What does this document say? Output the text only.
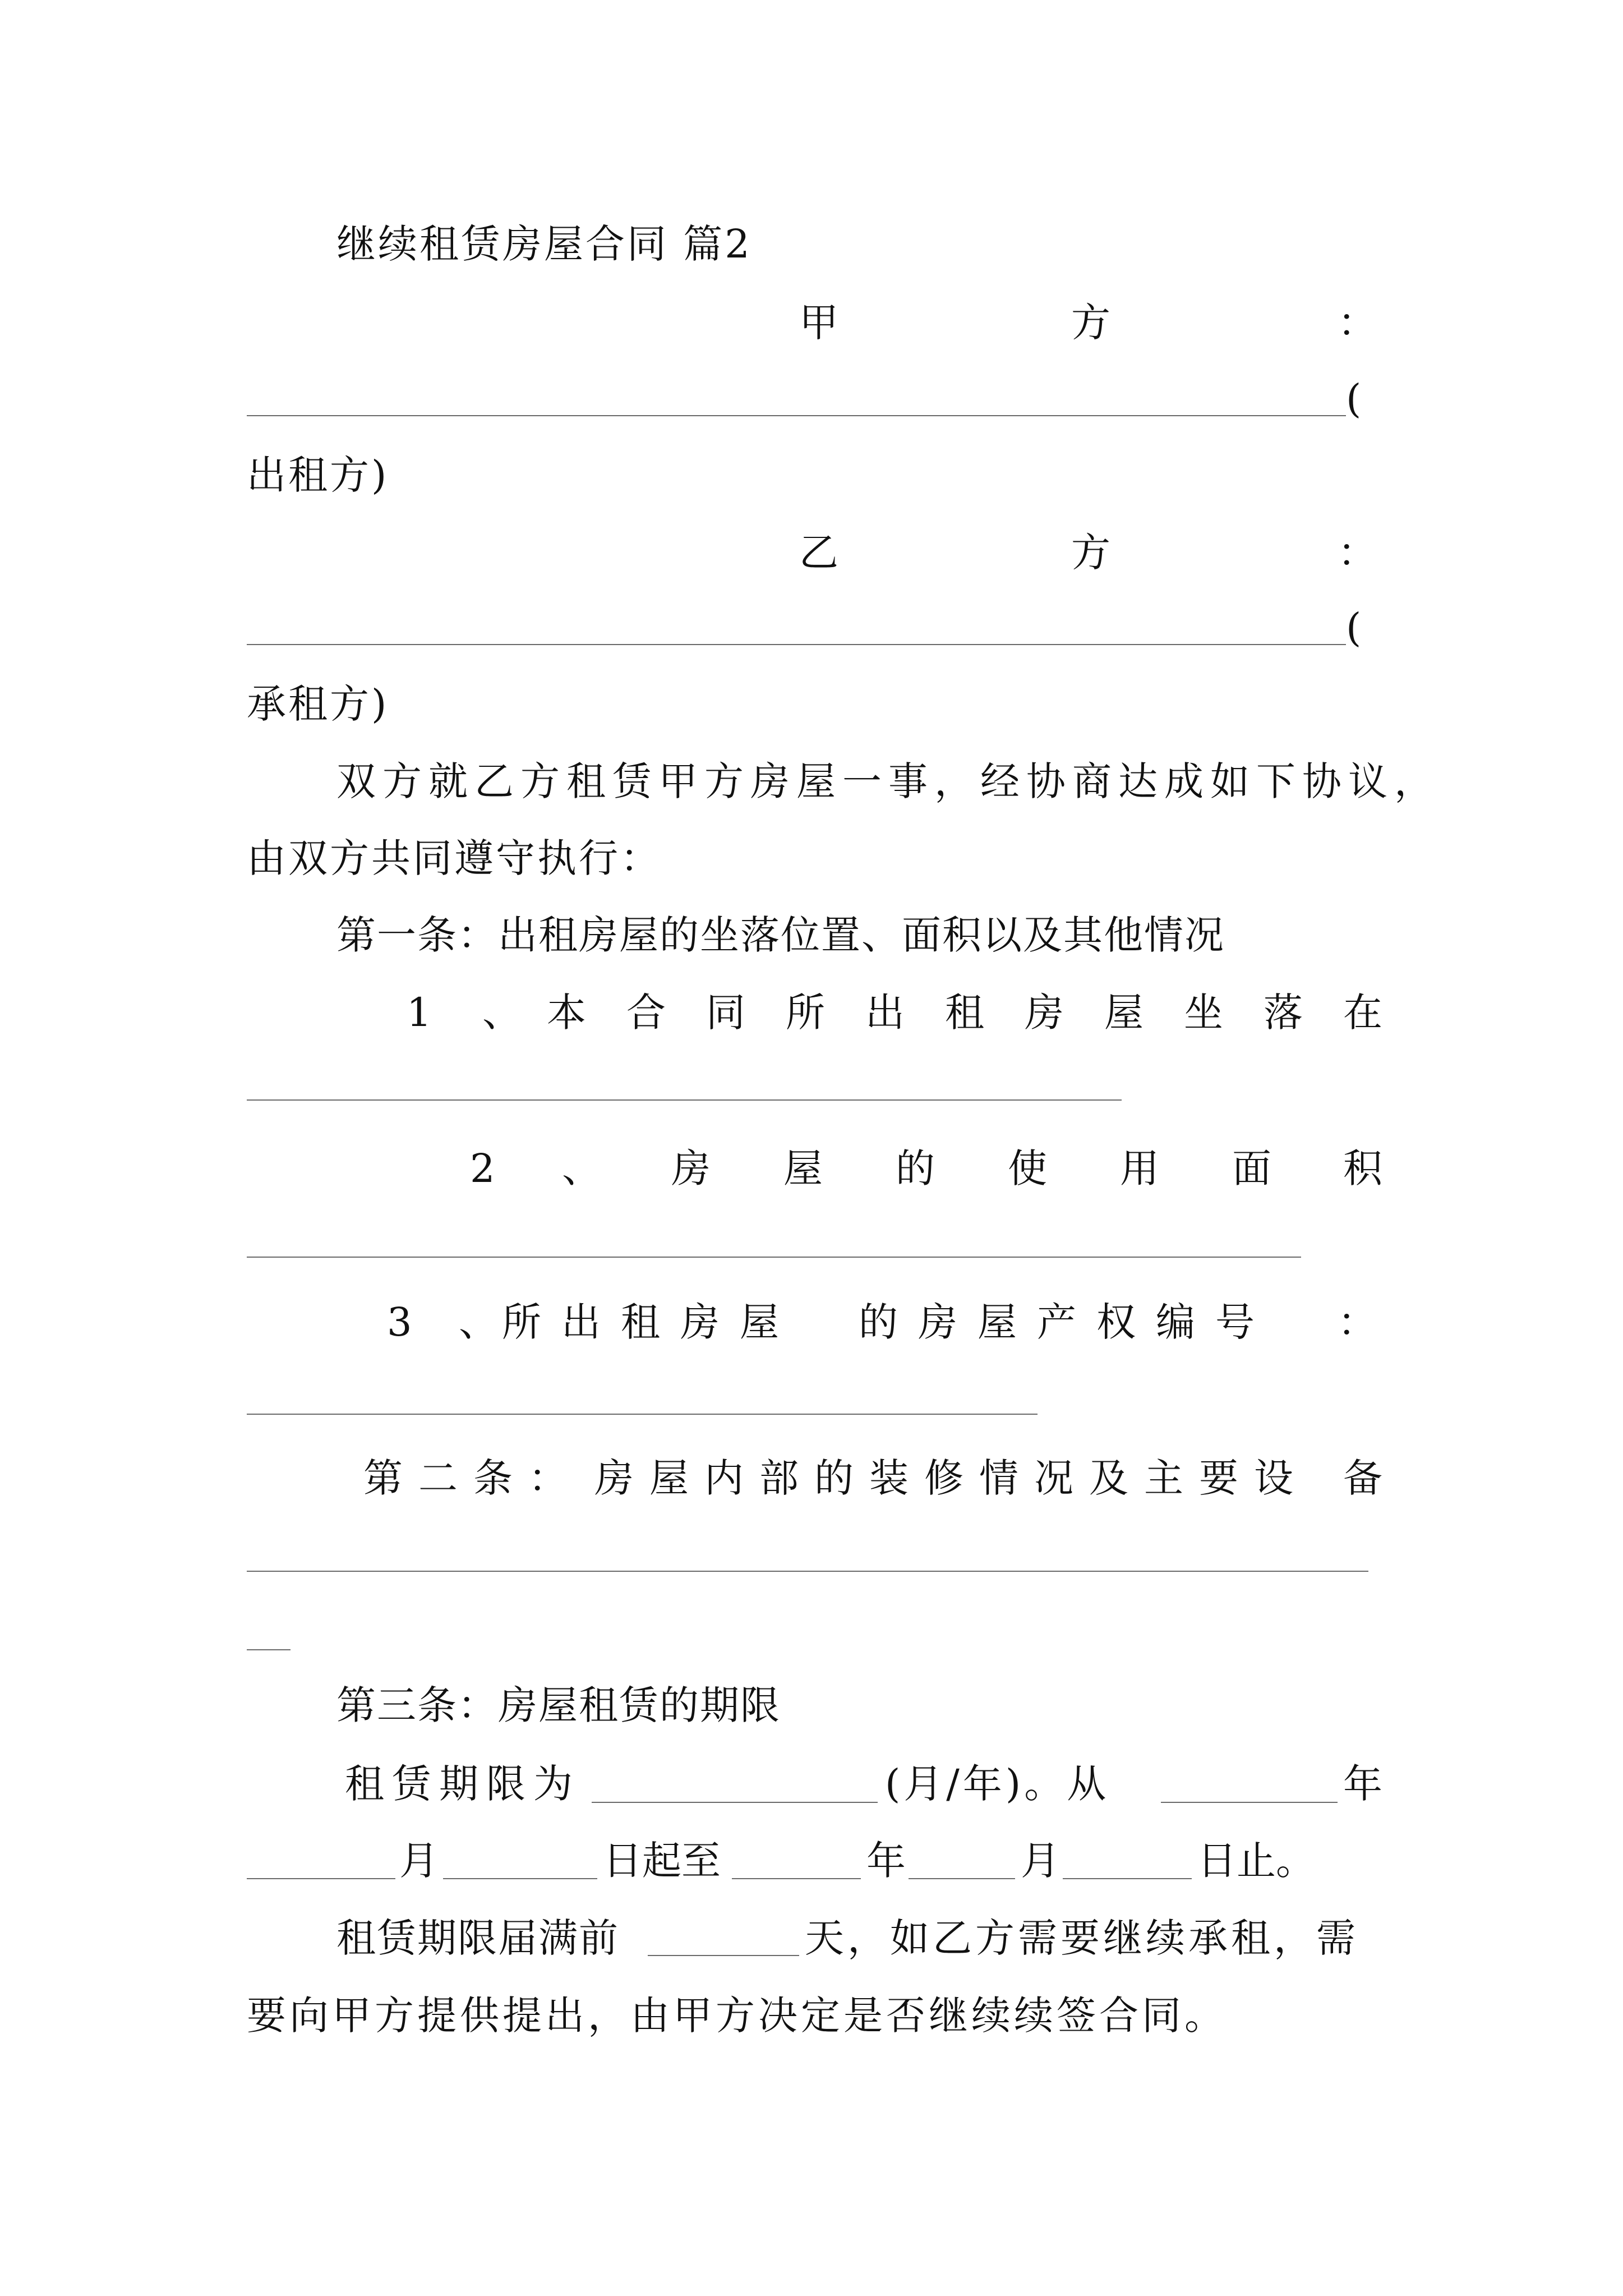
继续租赁房屋合同 篇2
甲	方	：
(
出租方)
乙	方	：
(
承租方)
双方就乙方租赁甲方房屋一事，经协商达成如下协议，
由双方共同遵守执行：
第一条：出租房屋的坐落位置、面积以及其他情况
1 、 本 合 同 所 出 租 房 屋 坐 落 在
2 、 房 屋 的 使 用 面 积
3 、 所 出 租 房 屋 的 房 屋 产 权 编 号 ：
第 二 条 ： 房 屋 内 部 的 装 修 情 况 及 主 要 设 备
第三条：房屋租赁的期限
租赁期限为	(月/年)。从	年
月	日起至	年	月	日止。
租赁期限届满前	天，如乙方需要继续承租，需
要向甲方提供提出，由甲方决定是否继续续签合同。
